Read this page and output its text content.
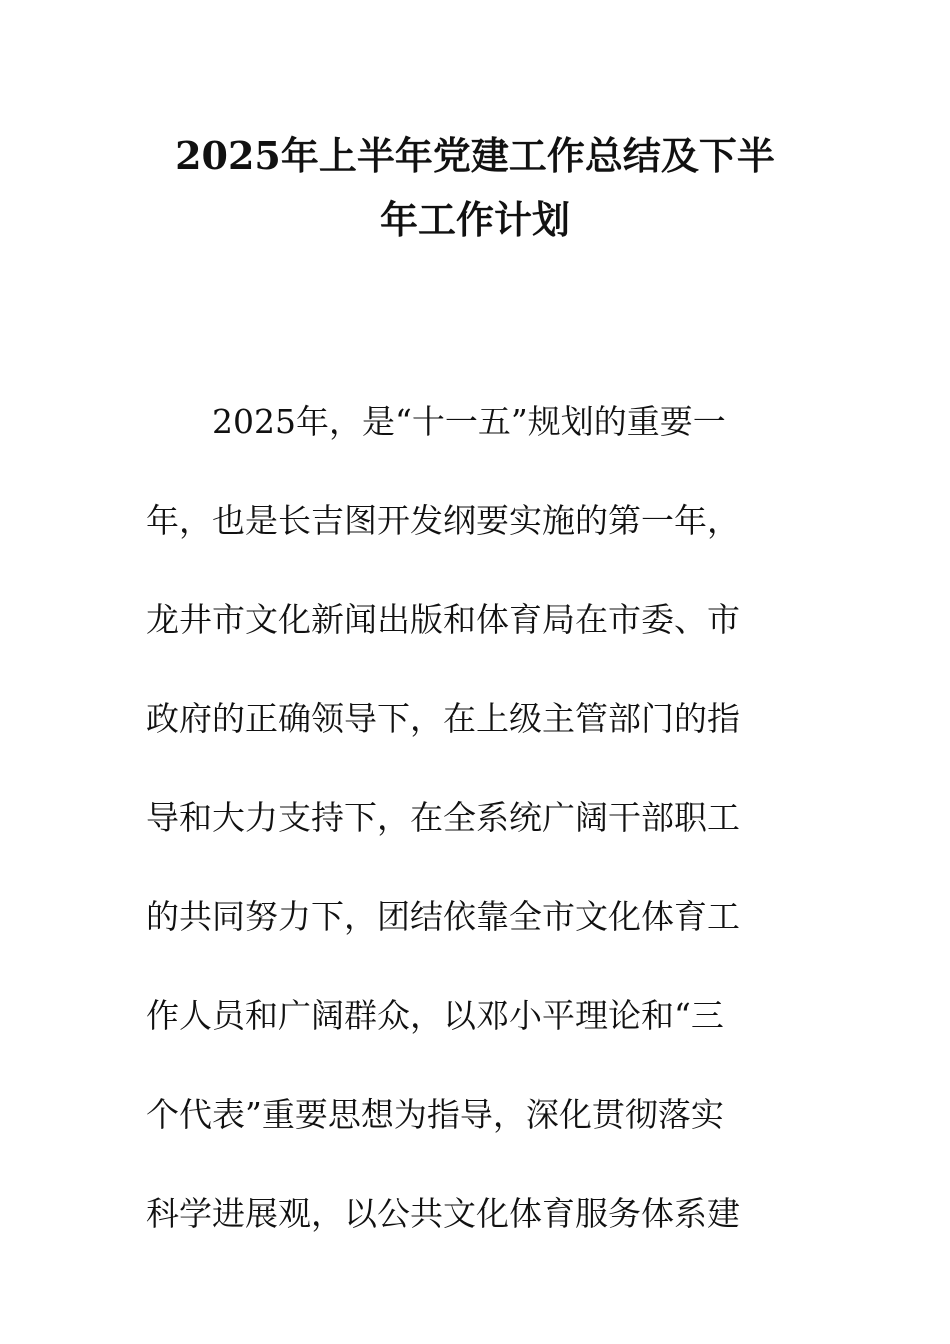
2025年上半年党建工作总结及下半
年工作计划
2025年，是“十一五”规划的重要一
年，也是长吉图开发纲要实施的第一年，
龙井市文化新闻出版和体育局在市委、市
政府的正确领导下，在上级主管部门的指
导和大力支持下，在全系统广阔干部职工
的共同努力下，团结依靠全市文化体育工
作人员和广阔群众，以邓小平理论和“三
个代表”重要思想为指导，深化贯彻落实
科学进展观，以公共文化体育服务体系建
